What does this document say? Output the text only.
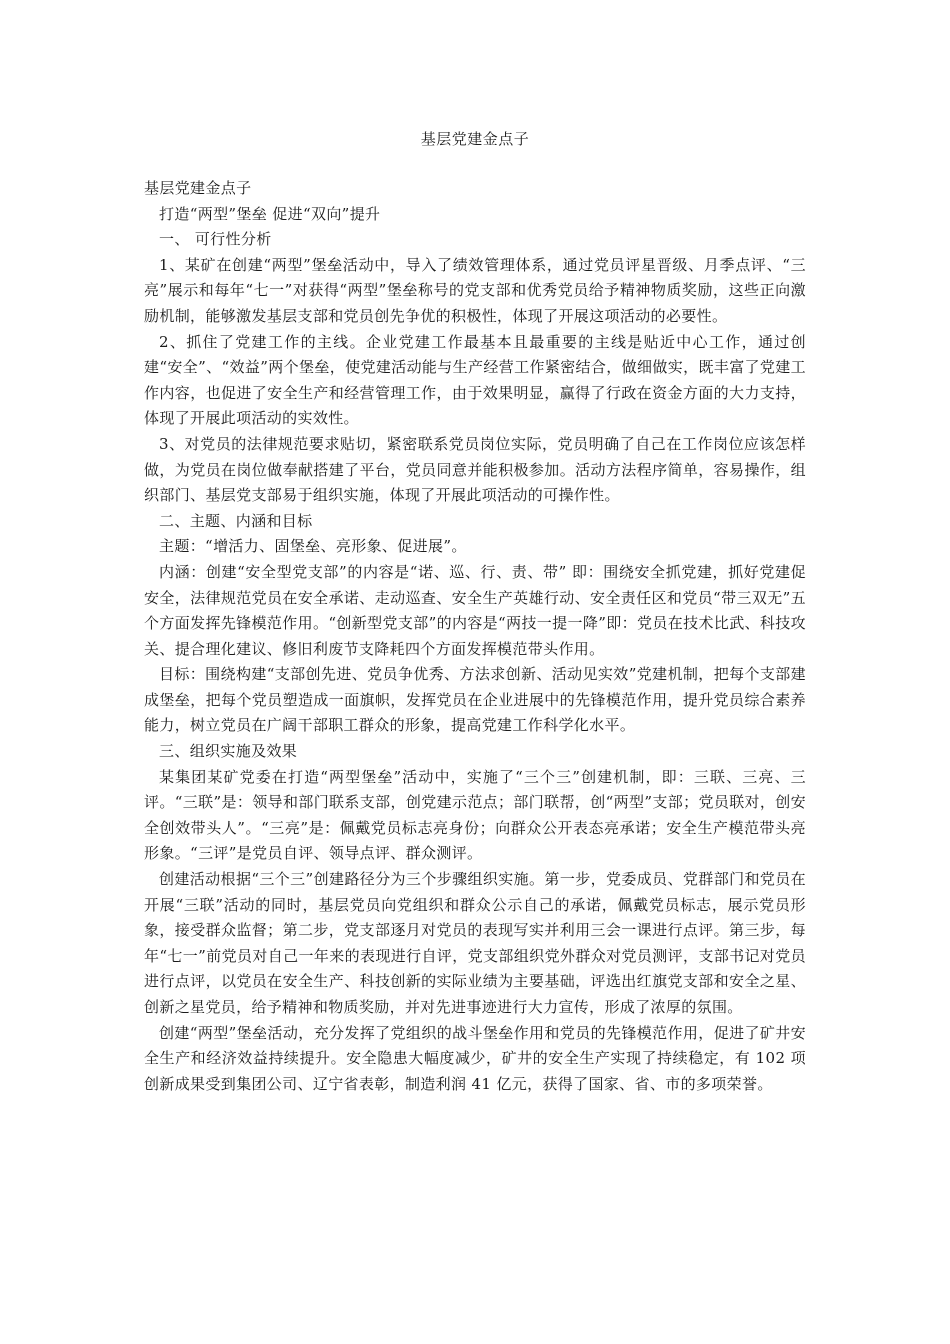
基层党建金点子

基层党建金点子

打造“两型”堡垒 促进“双向”提升

一、 可行性分析

1、某矿在创建“两型”堡垒活动中，导入了绩效管理体系，通过党员评星晋级、月季点评、“三亮”展示和每年“七一”对获得“两型”堡垒称号的党支部和优秀党员给予精神物质奖励，这些正向激励机制，能够激发基层支部和党员创先争优的积极性，体现了开展这项活动的必要性。

2、抓住了党建工作的主线。企业党建工作最基本且最重要的主线是贴近中心工作，通过创建“安全”、“效益”两个堡垒，使党建活动能与生产经营工作紧密结合，做细做实，既丰富了党建工作内容，也促进了安全生产和经营管理工作，由于效果明显，赢得了行政在资金方面的大力支持，体现了开展此项活动的实效性。

3、对党员的法律规范要求贴切，紧密联系党员岗位实际，党员明确了自己在工作岗位应该怎样做，为党员在岗位做奉献搭建了平台，党员同意并能积极参加。活动方法程序简单，容易操作，组织部门、基层党支部易于组织实施，体现了开展此项活动的可操作性。

二、主题、内涵和目标

主题：“增活力、固堡垒、亮形象、促进展”。

内涵：创建“安全型党支部”的内容是“诺、巡、行、责、带” 即：围绕安全抓党建，抓好党建促安全，法律规范党员在安全承诺、走动巡查、安全生产英雄行动、安全责任区和党员“带三双无”五个方面发挥先锋模范作用。“创新型党支部”的内容是“两技一提一降”即：党员在技术比武、科技攻关、提合理化建议、修旧利废节支降耗四个方面发挥模范带头作用。

目标：围绕构建“支部创先进、党员争优秀、方法求创新、活动见实效”党建机制，把每个支部建成堡垒，把每个党员塑造成一面旗帜，发挥党员在企业进展中的先锋模范作用，提升党员综合素养能力，树立党员在广阔干部职工群众的形象，提高党建工作科学化水平。

三、组织实施及效果

某集团某矿党委在打造“两型堡垒”活动中，实施了“三个三”创建机制，即：三联、三亮、三评。“三联”是：领导和部门联系支部，创党建示范点；部门联帮，创“两型”支部；党员联对，创安全创效带头人”。“三亮”是：佩戴党员标志亮身份；向群众公开表态亮承诺；安全生产模范带头亮形象。“三评”是党员自评、领导点评、群众测评。

创建活动根据“三个三”创建路径分为三个步骤组织实施。第一步，党委成员、党群部门和党员在开展“三联”活动的同时，基层党员向党组织和群众公示自己的承诺，佩戴党员标志，展示党员形象，接受群众监督；第二步，党支部逐月对党员的表现写实并利用三会一课进行点评。第三步，每年“七一”前党员对自己一年来的表现进行自评，党支部组织党外群众对党员测评，支部书记对党员进行点评，以党员在安全生产、科技创新的实际业绩为主要基础，评选出红旗党支部和安全之星、创新之星党员，给予精神和物质奖励，并对先进事迹进行大力宣传，形成了浓厚的氛围。

创建“两型”堡垒活动，充分发挥了党组织的战斗堡垒作用和党员的先锋模范作用，促进了矿井安全生产和经济效益持续提升。安全隐患大幅度减少，矿井的安全生产实现了持续稳定，有 102 项创新成果受到集团公司、辽宁省表彰，制造利润 41 亿元，获得了国家、省、市的多项荣誉。
